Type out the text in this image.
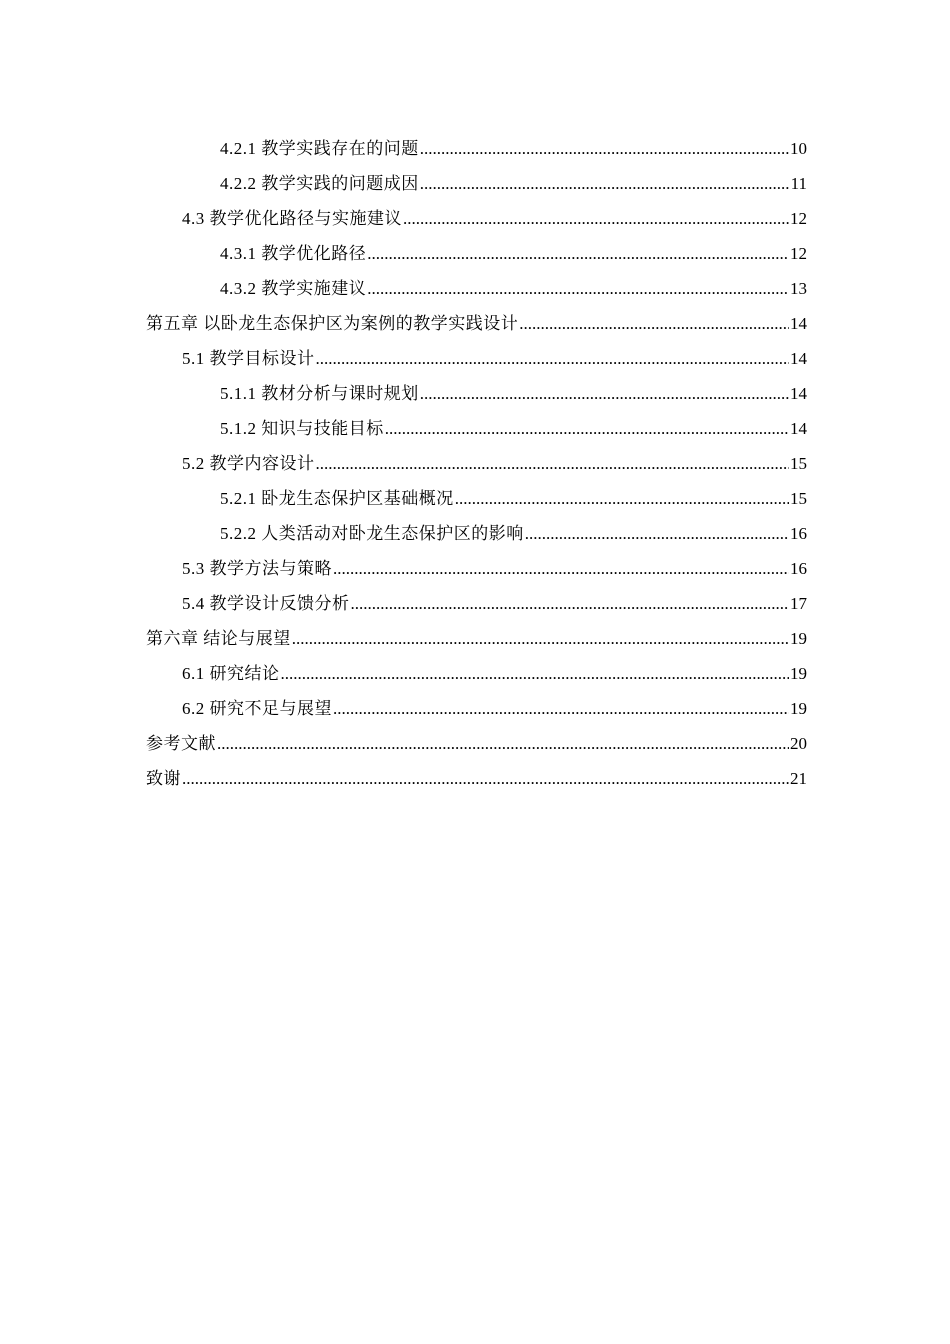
4.2.1 教学实践存在的问题 .....	10
4.2.2 教学实践的问题成因 .....	11
4.3 教学优化路径与实施建议 .....	12
4.3.1 教学优化路径 .....	12
4.3.2 教学实施建议 .....	13
第五章 以卧龙生态保护区为案例的教学实践设计 .....	14
5.1 教学目标设计 .....	14
5.1.1 教材分析与课时规划 .....	14
5.1.2 知识与技能目标 .....	14
5.2 教学内容设计 .....	15
5.2.1 卧龙生态保护区基础概况 .....	15
5.2.2 人类活动对卧龙生态保护区的影响 .....	16
5.3 教学方法与策略 .....	16
5.4 教学设计反馈分析 .....	17
第六章 结论与展望 .....	19
6.1 研究结论 .....	19
6.2 研究不足与展望 .....	19
参考文献 .....	20
致谢 .....	21
